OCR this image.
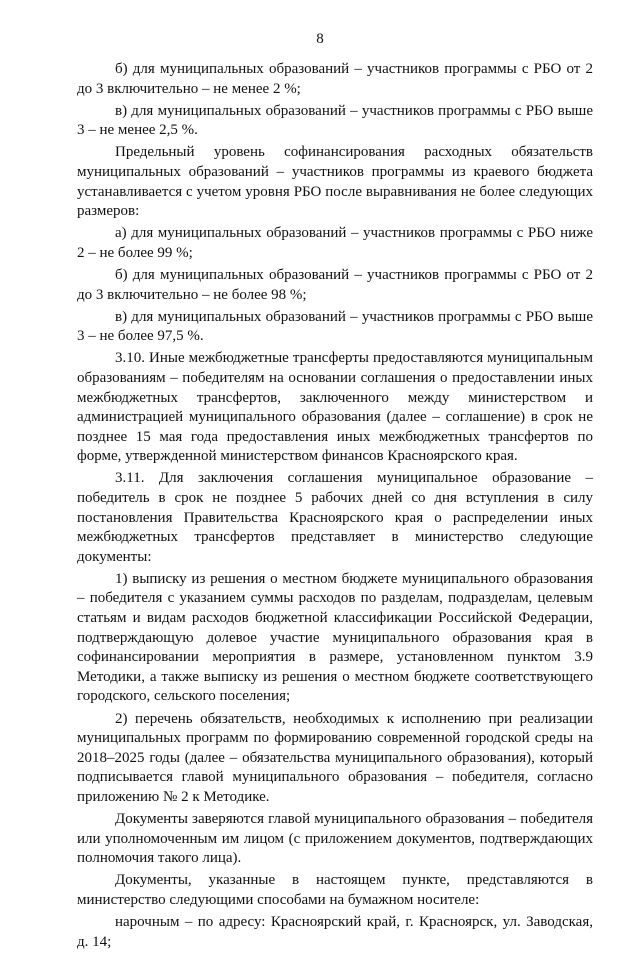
8

б) для муниципальных образований – участников программы с РБО от 2 до 3 включительно – не менее 2 %;

в) для муниципальных образований – участников программы с РБО выше 3 – не менее 2,5 %.

Предельный уровень софинансирования расходных обязательств муниципальных образований – участников программы из краевого бюджета устанавливается с учетом уровня РБО после выравнивания не более следующих размеров:

а) для муниципальных образований – участников программы с РБО ниже 2 – не более 99 %;

б) для муниципальных образований – участников программы с РБО от 2 до 3 включительно – не более 98 %;

в) для муниципальных образований – участников программы с РБО выше 3 – не более 97,5 %.

3.10. Иные межбюджетные трансферты предоставляются муниципальным образованиям – победителям на основании соглашения о предоставлении иных межбюджетных трансфертов, заключенного между министерством и администрацией муниципального образования (далее – соглашение) в срок не позднее 15 мая года предоставления иных межбюджетных трансфертов по форме, утвержденной министерством финансов Красноярского края.

3.11. Для заключения соглашения муниципальное образование – победитель в срок не позднее 5 рабочих дней со дня вступления в силу постановления Правительства Красноярского края о распределении иных межбюджетных трансфертов представляет в министерство следующие документы:

1) выписку из решения о местном бюджете муниципального образования – победителя с указанием суммы расходов по разделам, подразделам, целевым статьям и видам расходов бюджетной классификации Российской Федерации, подтверждающую долевое участие муниципального образования края в софинансировании мероприятия в размере, установленном пунктом 3.9 Методики, а также выписку из решения о местном бюджете соответствующего городского, сельского поселения;

2) перечень обязательств, необходимых к исполнению при реализации муниципальных программ по формированию современной городской среды на 2018–2025 годы (далее – обязательства муниципального образования), который подписывается главой муниципального образования – победителя, согласно приложению № 2 к Методике.

Документы заверяются главой муниципального образования – победителя или уполномоченным им лицом (с приложением документов, подтверждающих полномочия такого лица).

Документы, указанные в настоящем пункте, представляются в министерство следующими способами на бумажном носителе:

нарочным – по адресу: Красноярский край, г. Красноярск, ул. Заводская, д. 14;
